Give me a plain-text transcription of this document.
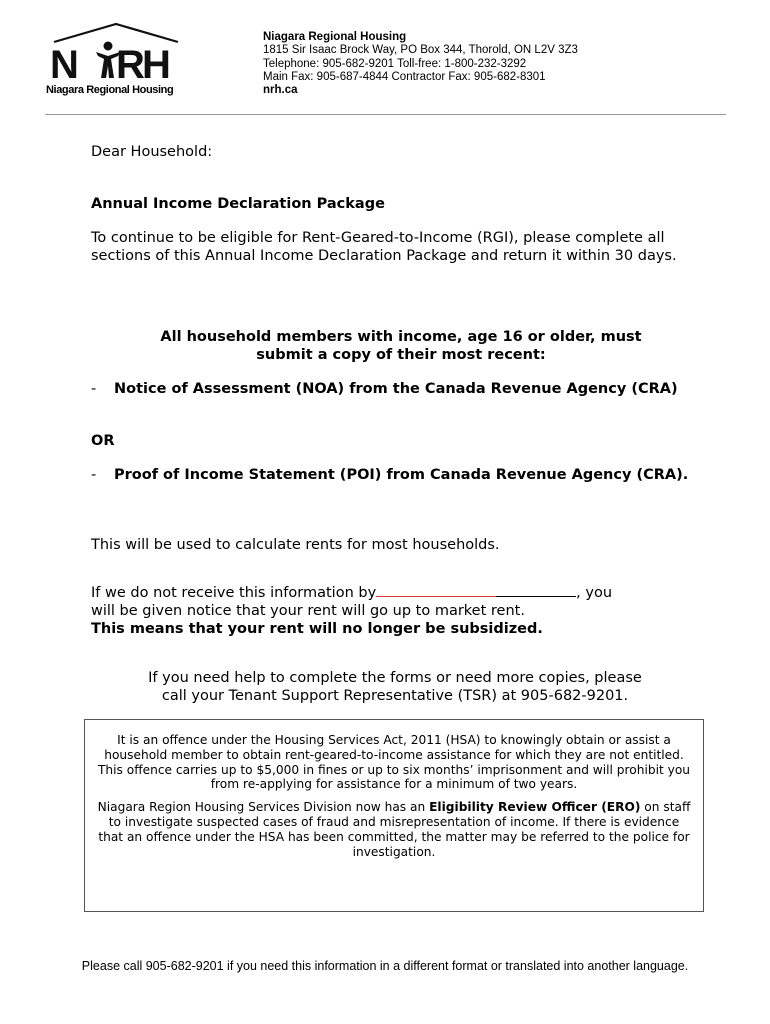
N R
H
Niagara Regional Housing
Niagara Regional Housing
1815 Sir Isaac Brock Way, PO Box 344, Thorold, ON L2V 3Z3
Telephone: 905-682-9201 Toll-free: 1-800-232-3292
Main Fax: 905-687-4844 Contractor Fax: 905-682-8301
nrh.ca
Dear Household:
Annual Income Declaration Package
To continue to be eligible for Rent-Geared-to-Income (RGI), please complete all sections of this Annual Income Declaration Package and return it within 30 days.
All household members with income, age 16 or older, must
submit a copy of their most recent:
- Notice of Assessment (NOA) from the Canada Revenue Agency (CRA)
OR
- Proof of Income Statement (POI) from Canada Revenue Agency (CRA).
This will be used to calculate rents for most households.
If we do not receive this information by	, you
will be given notice that your rent will go up to market rent.
This means that your rent will no longer be subsidized.
If you need help to complete the forms or need more copies, please
call your Tenant Support Representative (TSR) at 905-682-9201.

It is an offence under the Housing Services Act, 2011 (HSA) to knowingly obtain or assist a household member to obtain rent-geared-to-income assistance for which they are not entitled. This offence carries up to $5,000 in fines or up to six months’ imprisonment and will prohibit you from re-applying for assistance for a minimum of two years.

Niagara Region Housing Services Division now has an Eligibility Review Officer (ERO) on staff to investigate suspected cases of fraud and misrepresentation of income. If there is evidence that an offence under the HSA has been committed, the matter may be referred to the police for investigation.

Please call 905-682-9201 if you need this information in a different format or translated into another language.
